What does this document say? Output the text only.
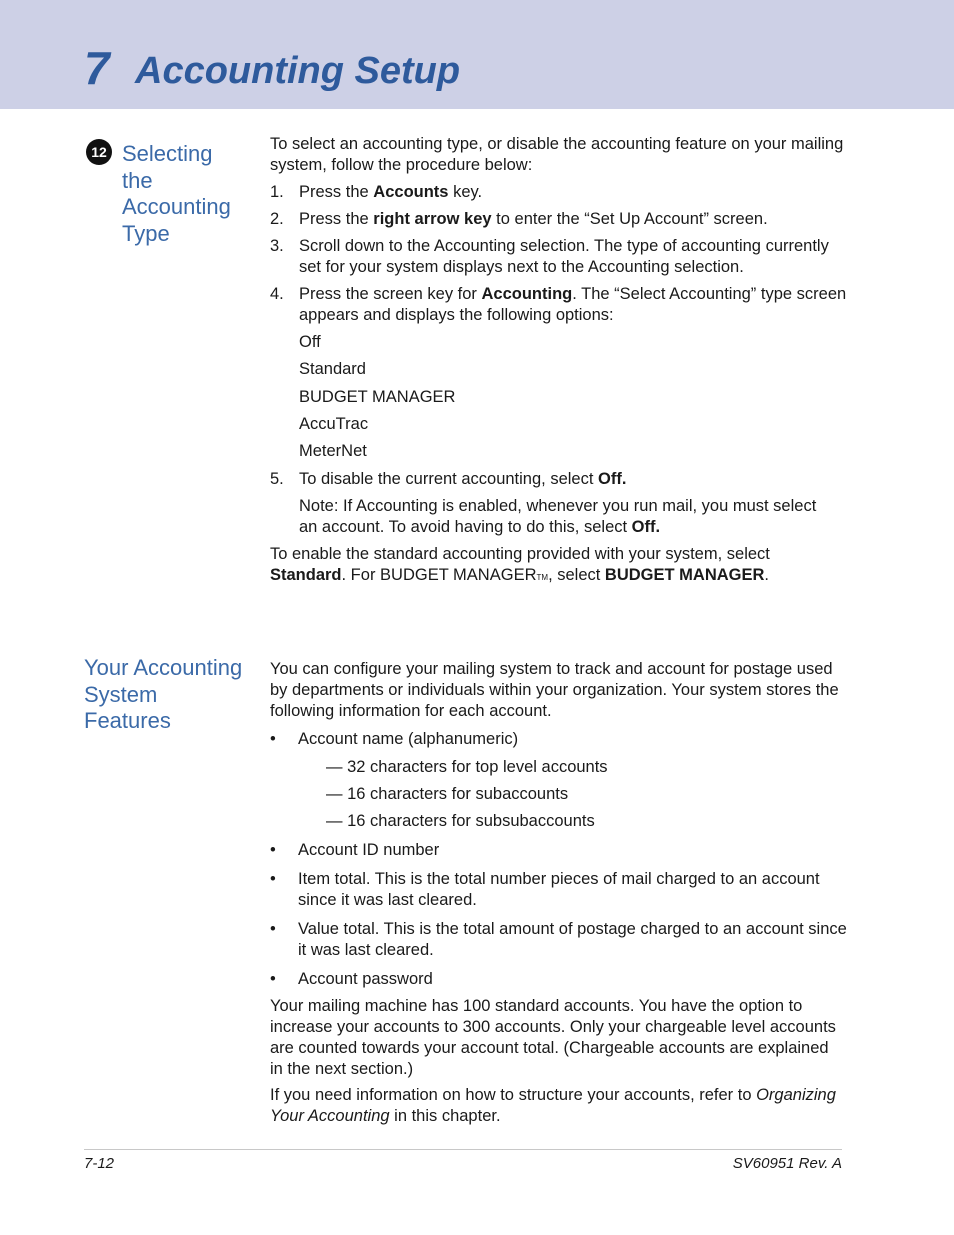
7 Accounting Setup
12 Selecting
the
Accounting
Type
To select an accounting type, or disable the accounting feature on your mailing system, follow the procedure below:
1. Press the Accounts key.
2. Press the right arrow key to enter the “Set Up Account” screen.
3. Scroll down to the Accounting selection. The type of accounting currently set for your system displays next to the Accounting selection.
4. Press the screen key for Accounting. The “Select Accounting” type screen appears and displays the following options:
Off
Standard
BUDGET MANAGER
AccuTrac
MeterNet
5. To disable the current accounting, select Off.
Note: If Accounting is enabled, whenever you run mail, you must select an account. To avoid having to do this, select Off.
To enable the standard accounting provided with your system, select Standard. For BUDGET MANAGERTM, select BUDGET MANAGER.
Your Accounting
System
Features
You can configure your mailing system to track and account for postage used by departments or individuals within your organization. Your system stores the following information for each account.
• Account name (alphanumeric)
— 32 characters for top level accounts
— 16 characters for subaccounts
— 16 characters for subsubaccounts
• Account ID number
• Item total. This is the total number pieces of mail charged to an account since it was last cleared.
• Value total. This is the total amount of postage charged to an account since it was last cleared.
• Account password
Your mailing machine has 100 standard accounts. You have the option to increase your accounts to 300 accounts. Only your chargeable level accounts are counted towards your account total. (Chargeable accounts are explained in the next section.)
If you need information on how to structure your accounts, refer to Organizing Your Accounting in this chapter.
7-12	SV60951 Rev. A
